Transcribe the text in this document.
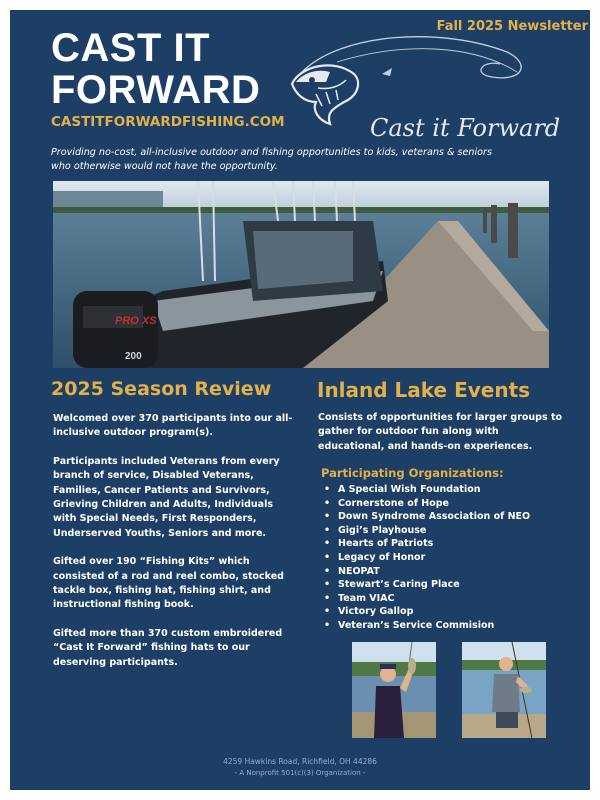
CAST IT
FORWARD
CASTITFORWARDFISHING.COM
Fall 2025 Newsletter
Cast it Forward
Providing no-cost, all-inclusive outdoor and fishing opportunities to kids, veterans & seniors
who otherwise would not have the opportunity.
PRO XS
200
2025 Season Review

Welcomed over 370 participants into our all-inclusive outdoor program(s).

Participants included Veterans from every branch of service, Disabled Veterans, Families, Cancer Patients and Survivors, Grieving Children and Adults, Individuals with Special Needs, First Responders, Underserved Youths, Seniors and more.

Gifted over 190 “Fishing Kits” which consisted of a rod and reel combo, stocked tackle box, fishing hat, fishing shirt, and instructional fishing book.

Gifted more than 370 custom embroidered “Cast It Forward” fishing hats to our deserving participants.

Inland Lake Events
Consists of opportunities for larger groups to gather for outdoor fun along with educational, and hands-on experiences.
Participating Organizations:
• A Special Wish Foundation
• Cornerstone of Hope
• Down Syndrome Association of NEO
• Gigi’s Playhouse
• Hearts of Patriots
• Legacy of Honor
• NEOPAT
• Stewart’s Caring Place
• Team VIAC
• Victory Gallop
• Veteran’s Service Commision
4259 Hawkins Road, Richfield, OH 44286
- A Nonprofit 501(c)(3) Organization -
